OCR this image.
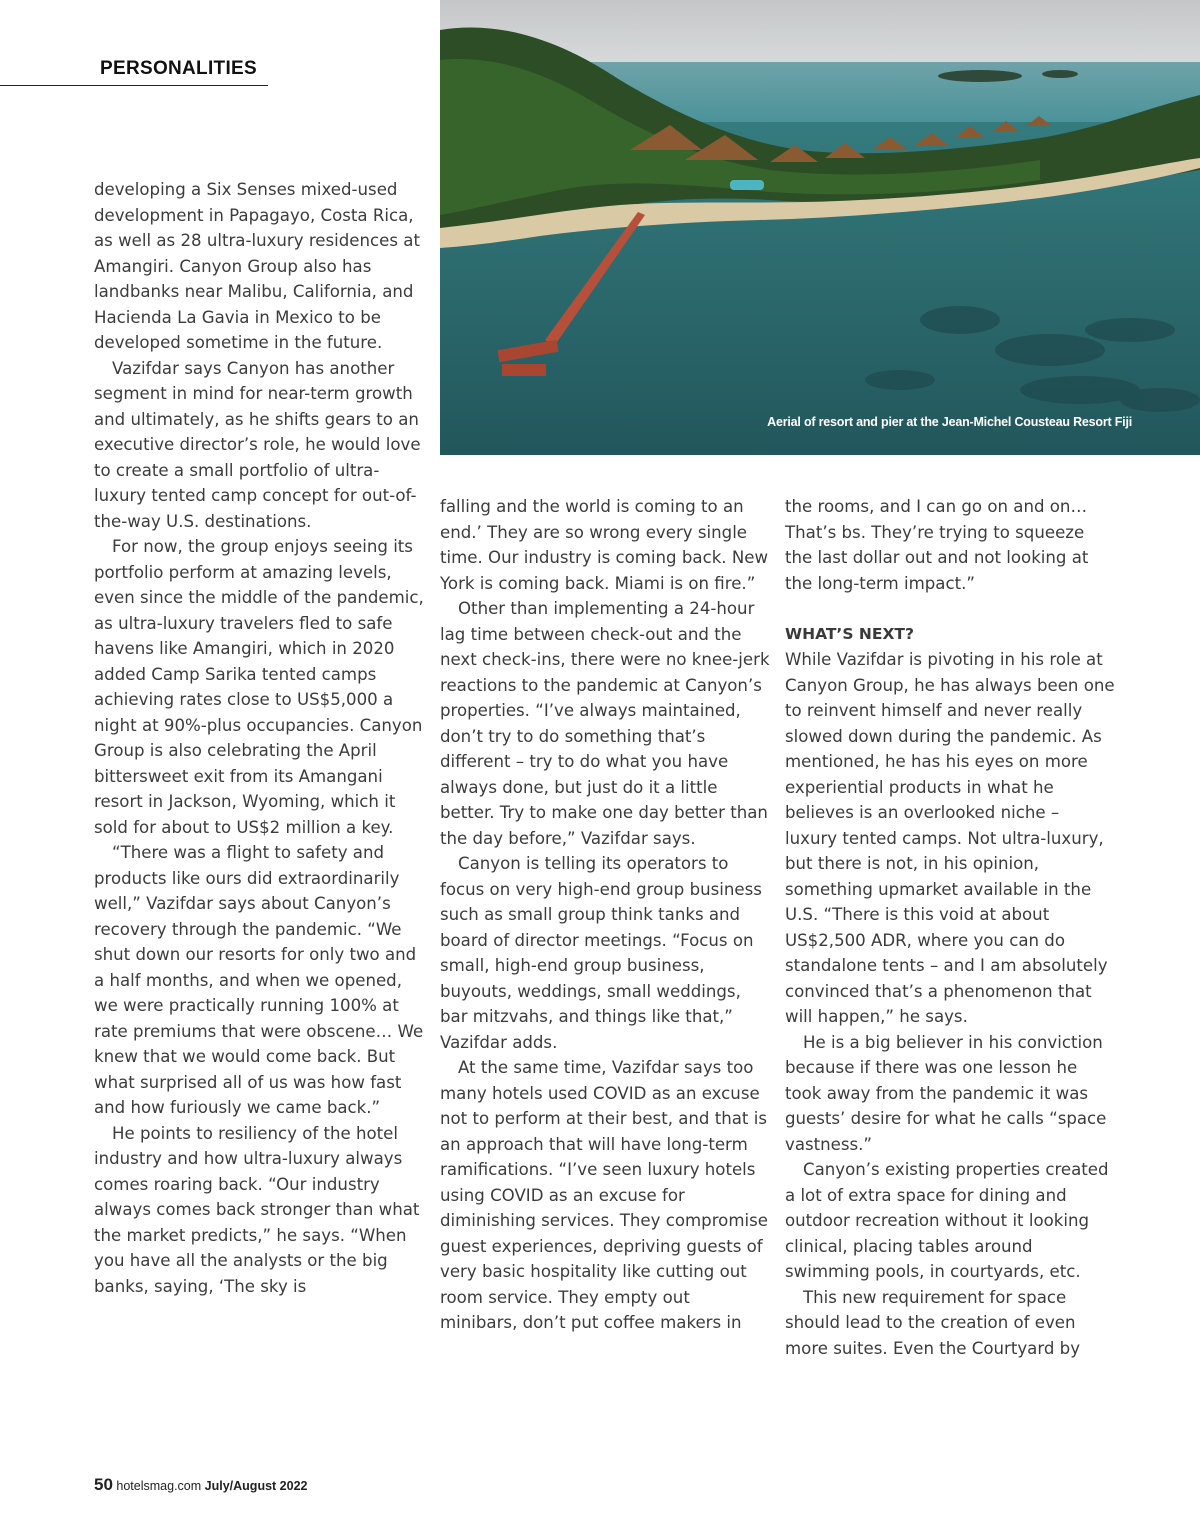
PERSONALITIES
Aerial of resort and pier at the Jean-Michel Cousteau Resort Fiji

developing a Six Senses mixed-used development in Papagayo, Costa Rica, as well as 28 ultra-luxury residences at Amangiri. Canyon Group also has landbanks near Malibu, California, and Hacienda La Gavia in Mexico to be developed sometime in the future.

Vazifdar says Canyon has another segment in mind for near-term growth and ultimately, as he shifts gears to an executive director’s role, he would love to create a small portfolio of ultra-luxury tented camp concept for out-of-the-way U.S. destinations.

For now, the group enjoys seeing its portfolio perform at amazing levels, even since the middle of the pandemic, as ultra-luxury travelers fled to safe havens like Amangiri, which in 2020 added Camp Sarika tented camps achieving rates close to US$5,000 a night at 90%-plus occupancies. Canyon Group is also celebrating the April bittersweet exit from its Amangani resort in Jackson, Wyoming, which it sold for about to US$2 million a key.

“There was a flight to safety and products like ours did extraordinarily well,” Vazifdar says about Canyon’s recovery through the pandemic. “We shut down our resorts for only two and a half months, and when we opened, we were practically running 100% at rate premiums that were obscene… We knew that we would come back. But what surprised all of us was how fast and how furiously we came back.”

He points to resiliency of the hotel industry and how ultra-luxury always comes roaring back. “Our industry always comes back stronger than what the market predicts,” he says. “When you have all the analysts or the big banks, saying, ‘The sky is

falling and the world is coming to an end.’ They are so wrong every single time. Our industry is coming back. New York is coming back. Miami is on fire.”

Other than implementing a 24-hour lag time between check-out and the next check-ins, there were no knee-jerk reactions to the pandemic at Canyon’s properties. “I’ve always maintained, don’t try to do something that’s different – try to do what you have always done, but just do it a little better. Try to make one day better than the day before,” Vazifdar says.

Canyon is telling its operators to focus on very high-end group business such as small group think tanks and board of director meetings. “Focus on small, high-end group business, buyouts, weddings, small weddings, bar mitzvahs, and things like that,” Vazifdar adds.

At the same time, Vazifdar says too many hotels used COVID as an excuse not to perform at their best, and that is an approach that will have long-term ramifications. “I’ve seen luxury hotels using COVID as an excuse for diminishing services. They compromise guest experiences, depriving guests of very basic hospitality like cutting out room service. They empty out minibars, don’t put coffee makers in

the rooms, and I can go on and on… That’s bs. They’re trying to squeeze the last dollar out and not looking at the long-term impact.”

WHAT’S NEXT?

While Vazifdar is pivoting in his role at Canyon Group, he has always been one to reinvent himself and never really slowed down during the pandemic. As mentioned, he has his eyes on more experiential products in what he believes is an overlooked niche – luxury tented camps. Not ultra-luxury, but there is not, in his opinion, something upmarket available in the U.S. “There is this void at about US$2,500 ADR, where you can do standalone tents – and I am absolutely convinced that’s a phenomenon that will happen,” he says.

He is a big believer in his conviction because if there was one lesson he took away from the pandemic it was guests’ desire for what he calls “space vastness.”

Canyon’s existing properties created a lot of extra space for dining and outdoor recreation without it looking clinical, placing tables around swimming pools, in courtyards, etc.

This new requirement for space should lead to the creation of even more suites. Even the Courtyard by

50 hotelsmag.com July/August 2022
